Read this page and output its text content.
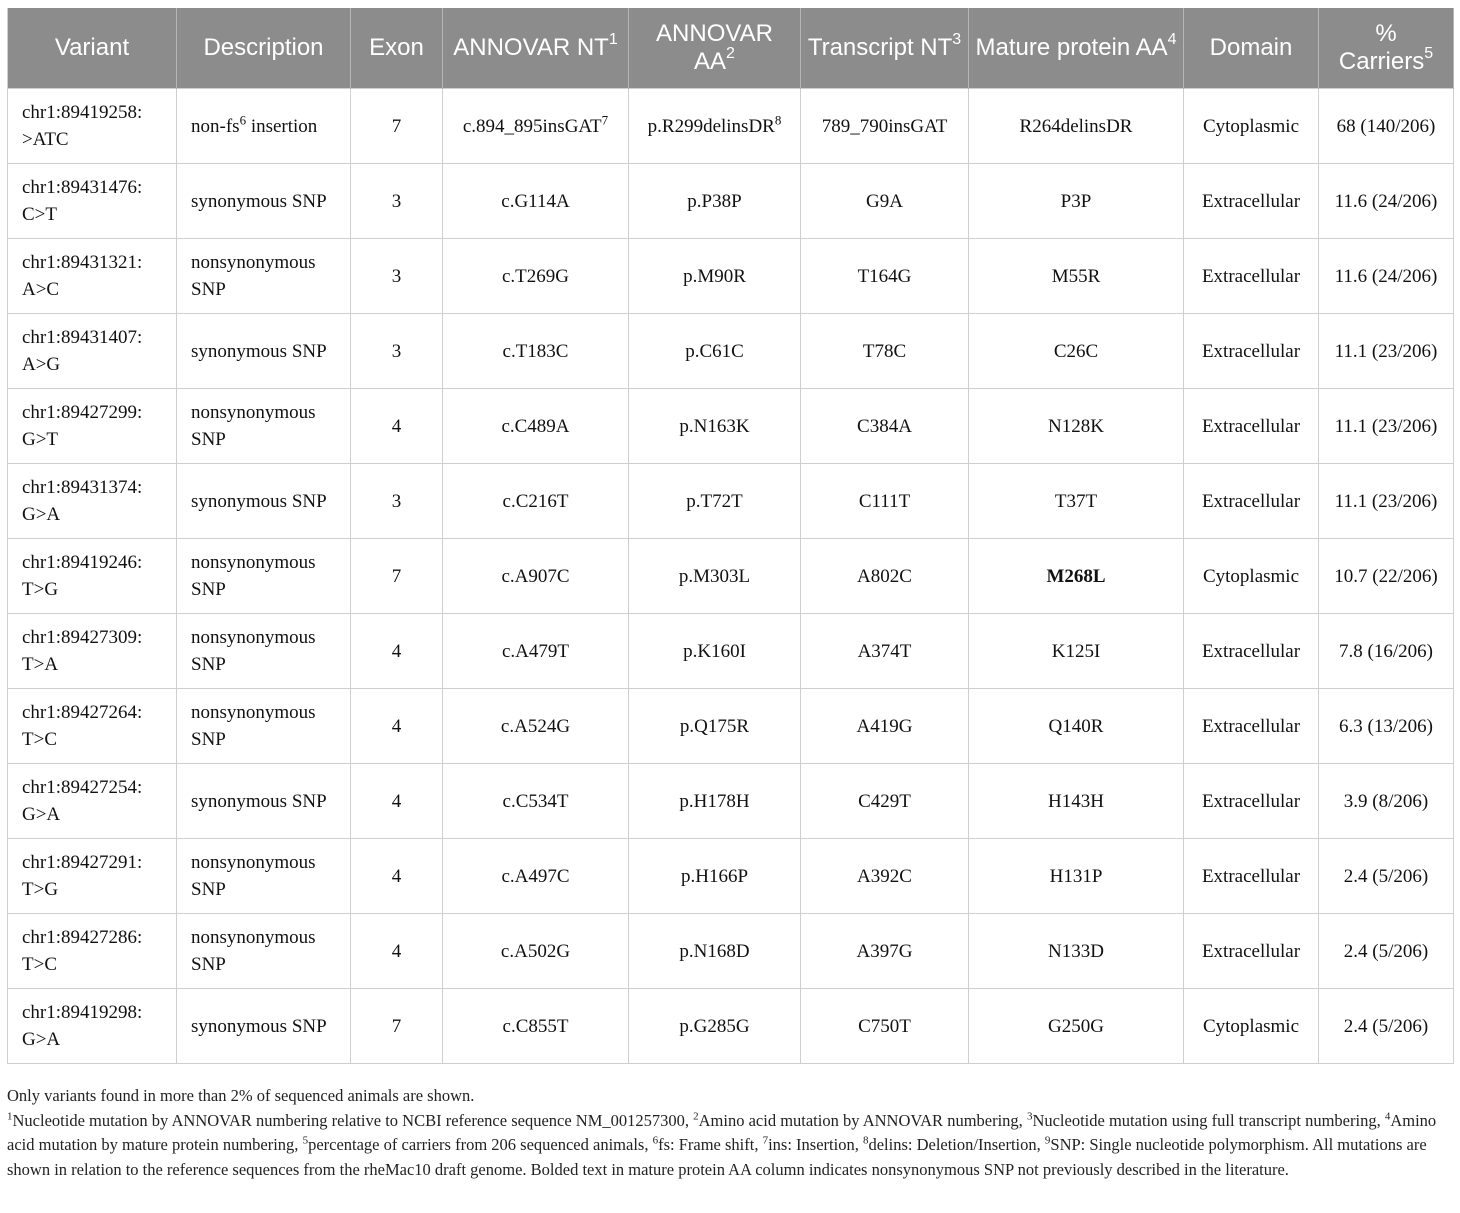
Variant	Description	Exon	ANNOVAR $NT^1$	ANNOVAR $AA^2$	Transcript $NT^3$	Mature protein $AA^4$	Domain	% Carriers$^5$
chr1:89419258: >ATC	non-$fs^6$ insertion	7	c.894_895insGAT$^7$	p.R299delinsDR$^8$	789_790insGAT	R264delinsDR	Cytoplasmic	68 (140/206)
chr1:89431476: C>T	synonymous SNP	3	c.G114A	p.P38P	G9A	P3P	Extracellular	11.6 (24/206)
chr1:89431321: A>C	nonsynonymous SNP	3	c.T269G	p.M90R	T164G	M55R	Extracellular	11.6 (24/206)
chr1:89431407: A>G	synonymous SNP	3	c.T183C	p.C61C	T78C	C26C	Extracellular	11.1 (23/206)
chr1:89427299: G>T	nonsynonymous SNP	4	c.C489A	p.N163K	C384A	N128K	Extracellular	11.1 (23/206)
chr1:89431374: G>A	synonymous SNP	3	c.C216T	p.T72T	C111T	T37T	Extracellular	11.1 (23/206)
chr1:89419246: T>G	nonsynonymous SNP	7	c.A907C	p.M303L	A802C	M268L	Cytoplasmic	10.7 (22/206)
chr1:89427309: T>A	nonsynonymous SNP	4	c.A479T	p.K160I	A374T	K125I	Extracellular	7.8 (16/206)
chr1:89427264: T>C	nonsynonymous SNP	4	c.A524G	p.Q175R	A419G	Q140R	Extracellular	6.3 (13/206)
chr1:89427254: G>A	synonymous SNP	4	c.C534T	p.H178H	C429T	H143H	Extracellular	3.9 (8/206)
chr1:89427291: T>G	nonsynonymous SNP	4	c.A497C	p.H166P	A392C	H131P	Extracellular	2.4 (5/206)
chr1:89427286: T>C	nonsynonymous SNP	4	c.A502G	p.N168D	A397G	N133D	Extracellular	2.4 (5/206)
chr1:89419298: G>A	synonymous SNP	7	c.C855T	p.G285G	C750T	G250G	Cytoplasmic	2.4 (5/206)

Only variants found in more than 2% of sequenced animals are shown.

$^1$Nucleotide mutation by ANNOVAR numbering relative to NCBI reference sequence NM_001257300, $^2$Amino acid mutation by ANNOVAR numbering, $^3$Nucleotide mutation using full transcript numbering, $^4$Amino acid mutation by mature protein numbering, $^5$percentage of carriers from 206 sequenced animals, $^6$fs: Frame shift, $^7$ins: Insertion, $^8$delins: Deletion/Insertion, $^9$SNP: Single nucleotide polymorphism. All mutations are shown in relation to the reference sequences from the rheMac10 draft genome. Bolded text in mature protein AA column indicates nonsynonymous SNP not previously described in the literature.
